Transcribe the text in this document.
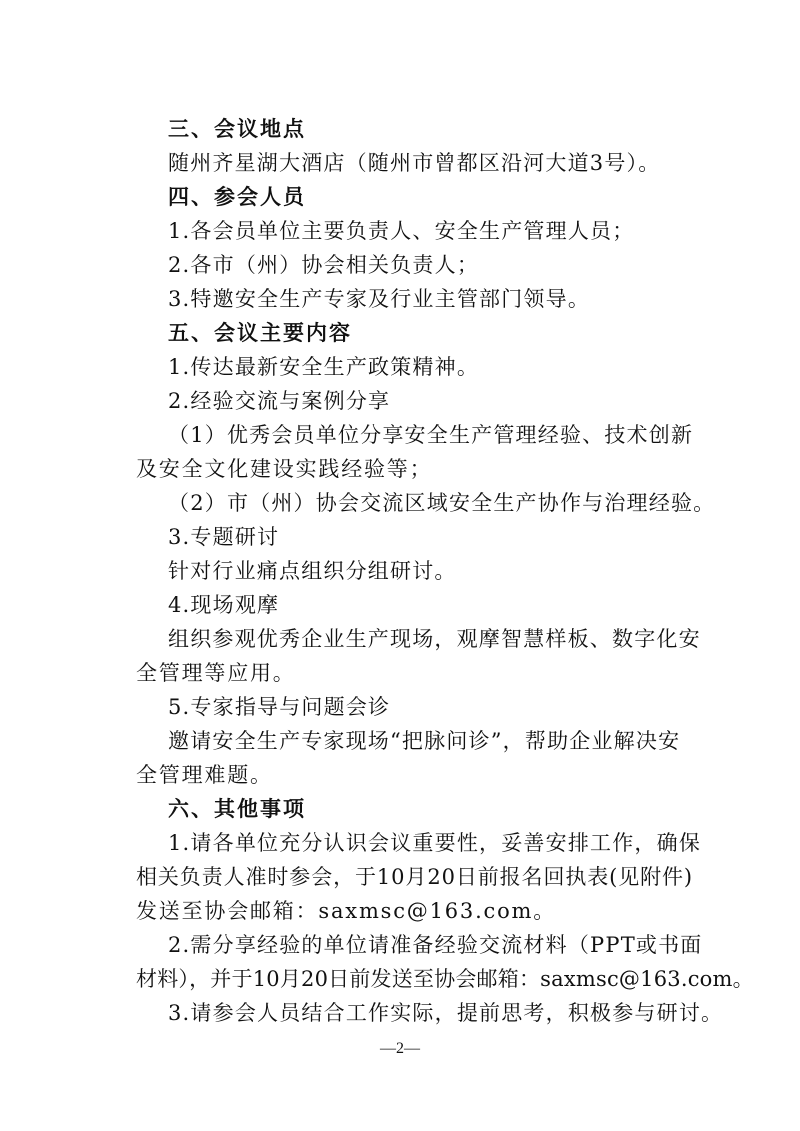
三、会议地点
随州齐星湖大酒店（随州市曾都区沿河大道3号）。
四、参会人员
1.各会员单位主要负责人、安全生产管理人员；
2.各市（州）协会相关负责人；
3.特邀安全生产专家及行业主管部门领导。
五、会议主要内容
1.传达最新安全生产政策精神。
2.经验交流与案例分享
（1）优秀会员单位分享安全生产管理经验、技术创新
及安全文化建设实践经验等；
（2）市（州）协会交流区域安全生产协作与治理经验。
3.专题研讨
针对行业痛点组织分组研讨。
4.现场观摩
组织参观优秀企业生产现场，观摩智慧样板、数字化安
全管理等应用。
5.专家指导与问题会诊
邀请安全生产专家现场“把脉问诊”，帮助企业解决安
全管理难题。
六、其他事项
1.请各单位充分认识会议重要性，妥善安排工作，确保
相关负责人准时参会，于10月20日前报名回执表(见附件)
发送至协会邮箱：saxmsc@163.com。
2.需分享经验的单位请准备经验交流材料（PPT或书面
材料），并于10月20日前发送至协会邮箱：saxmsc@163.com。
3.请参会人员结合工作实际，提前思考，积极参与研讨。
—2—
